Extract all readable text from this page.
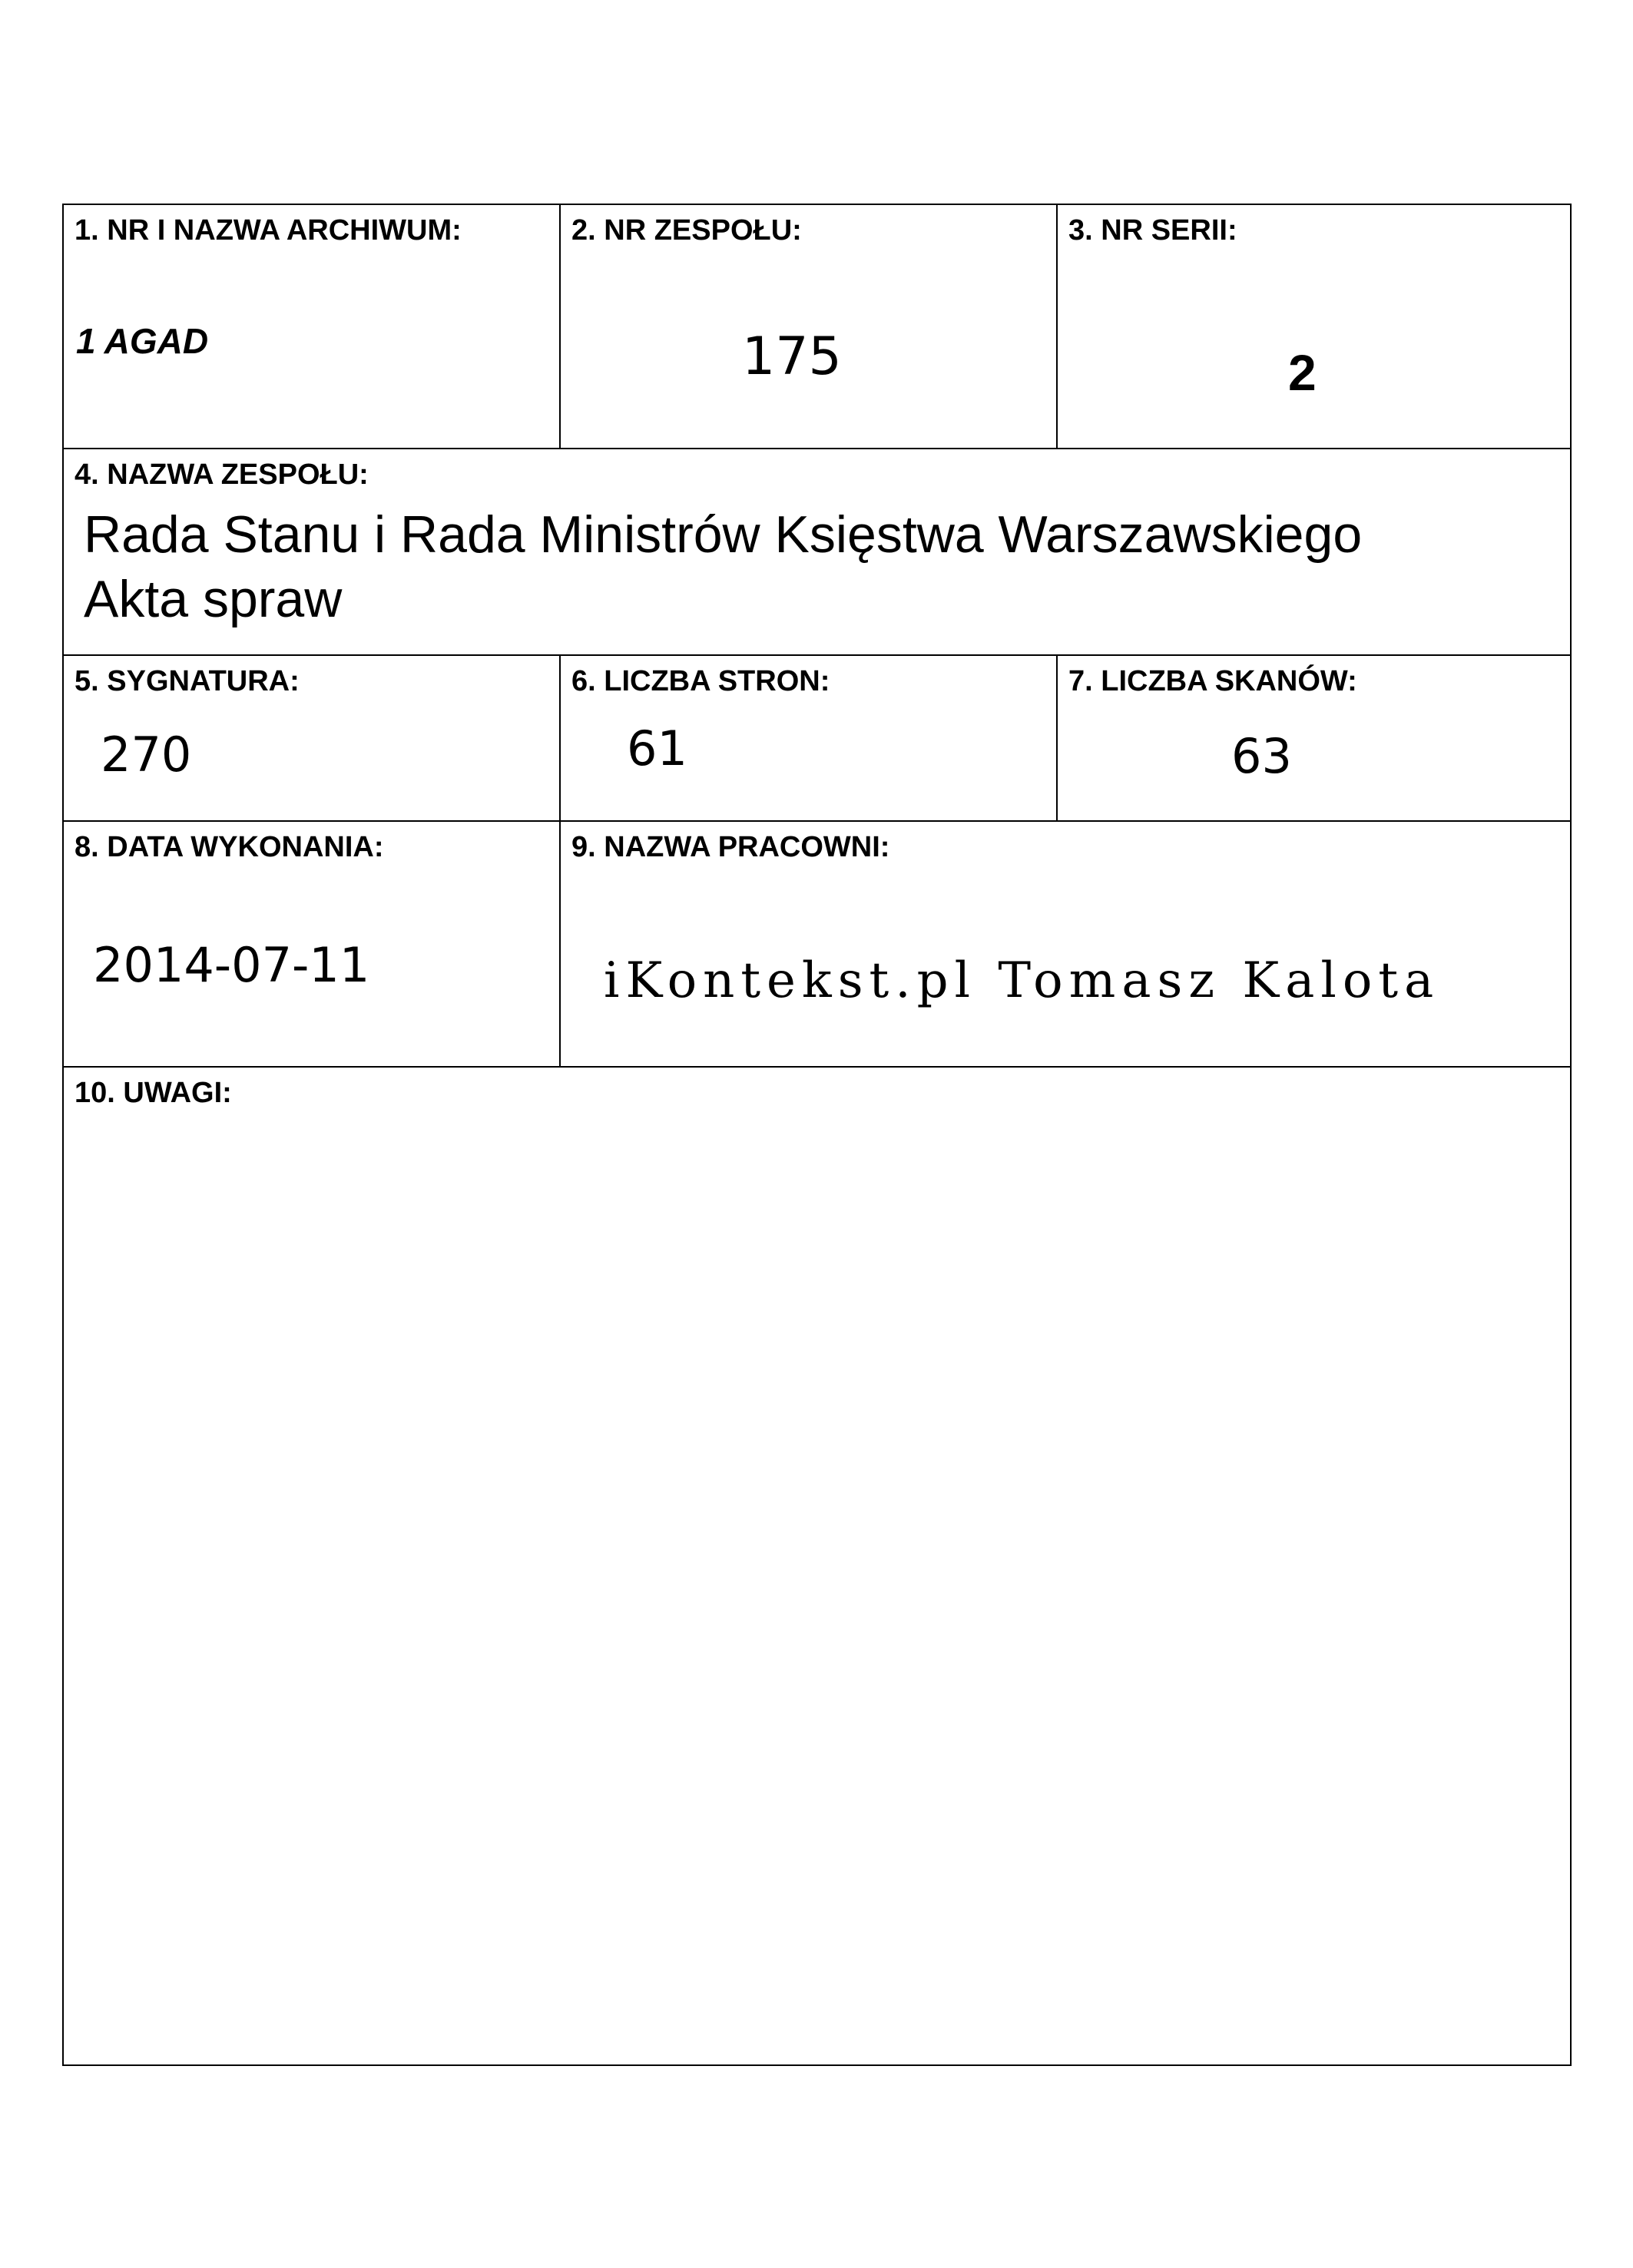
1. NR I NAZWA ARCHIWUM:
1 AGAD
2. NR ZESPOŁU:
175
3. NR SERII:
2
4. NAZWA ZESPOŁU:
Rada Stanu i Rada Ministrów Księstwa Warszawskiego
Akta spraw
5. SYGNATURA:
270
6. LICZBA STRON:
61
7. LICZBA SKANÓW:
63
8. DATA WYKONANIA:
2014-07-11
9. NAZWA PRACOWNI:
iKontekst.pl Tomasz Kalota
10. UWAGI:
